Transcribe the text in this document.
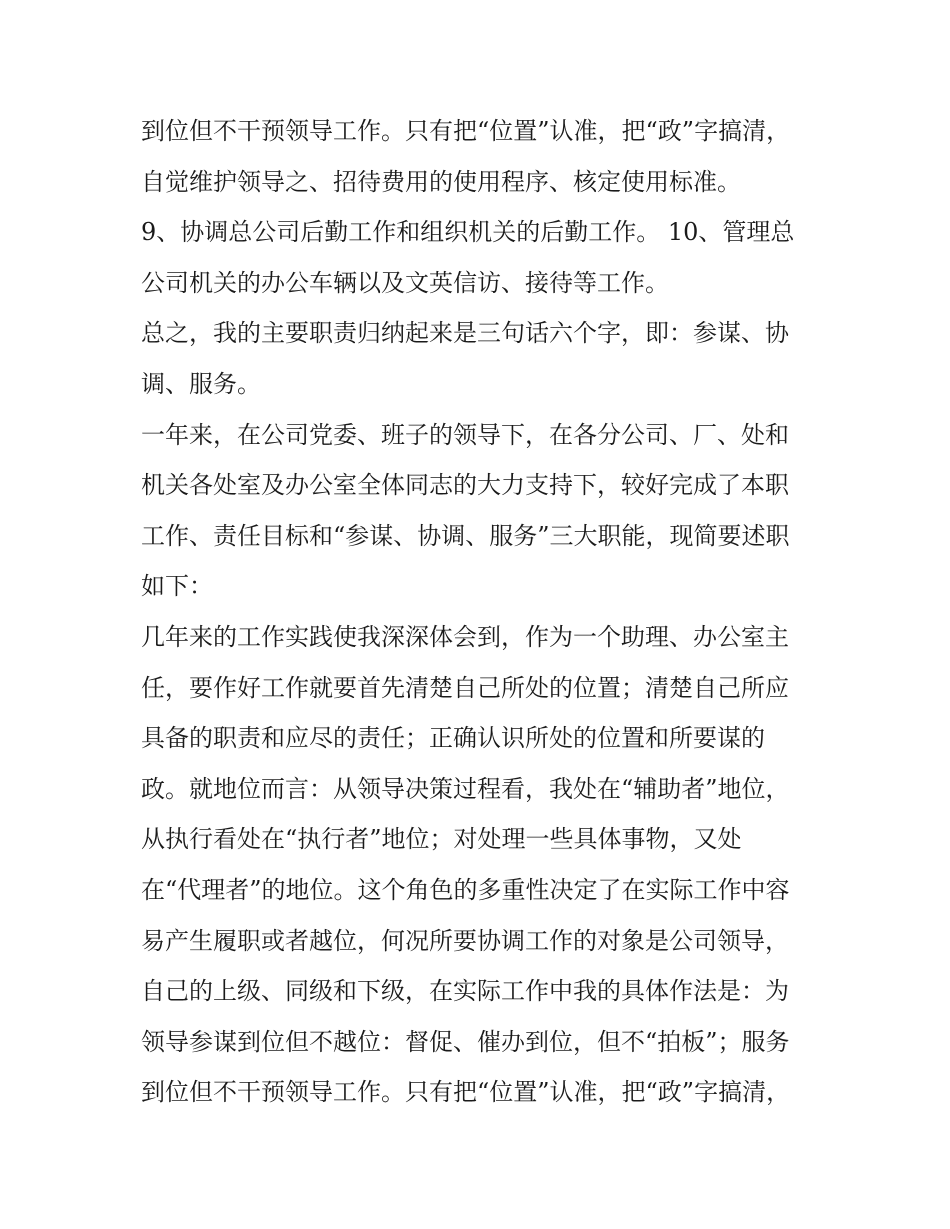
到位但不干预领导工作。只有把“位置”认准，把“政”字搞清，
自觉维护领导之、招待费用的使用程序、核定使用标准。
9、协调总公司后勤工作和组织机关的后勤工作。 10、管理总
公司机关的办公车辆以及文英信访、接待等工作。
总之，我的主要职责归纳起来是三句话六个字，即：参谋、协
调、服务。
一年来，在公司党委、班子的领导下，在各分公司、厂、处和
机关各处室及办公室全体同志的大力支持下，较好完成了本职
工作、责任目标和“参谋、协调、服务”三大职能，现简要述职
如下：
几年来的工作实践使我深深体会到，作为一个助理、办公室主
任，要作好工作就要首先清楚自己所处的位置；清楚自己所应
具备的职责和应尽的责任；正确认识所处的位置和所要谋的
政。就地位而言：从领导决策过程看，我处在“辅助者”地位，
从执行看处在“执行者”地位；对处理一些具体事物，又处
在“代理者”的地位。这个角色的多重性决定了在实际工作中容
易产生履职或者越位，何况所要协调工作的对象是公司领导，
自己的上级、同级和下级，在实际工作中我的具体作法是：为
领导参谋到位但不越位：督促、催办到位，但不“拍板”；服务
到位但不干预领导工作。只有把“位置”认准，把“政”字搞清，
